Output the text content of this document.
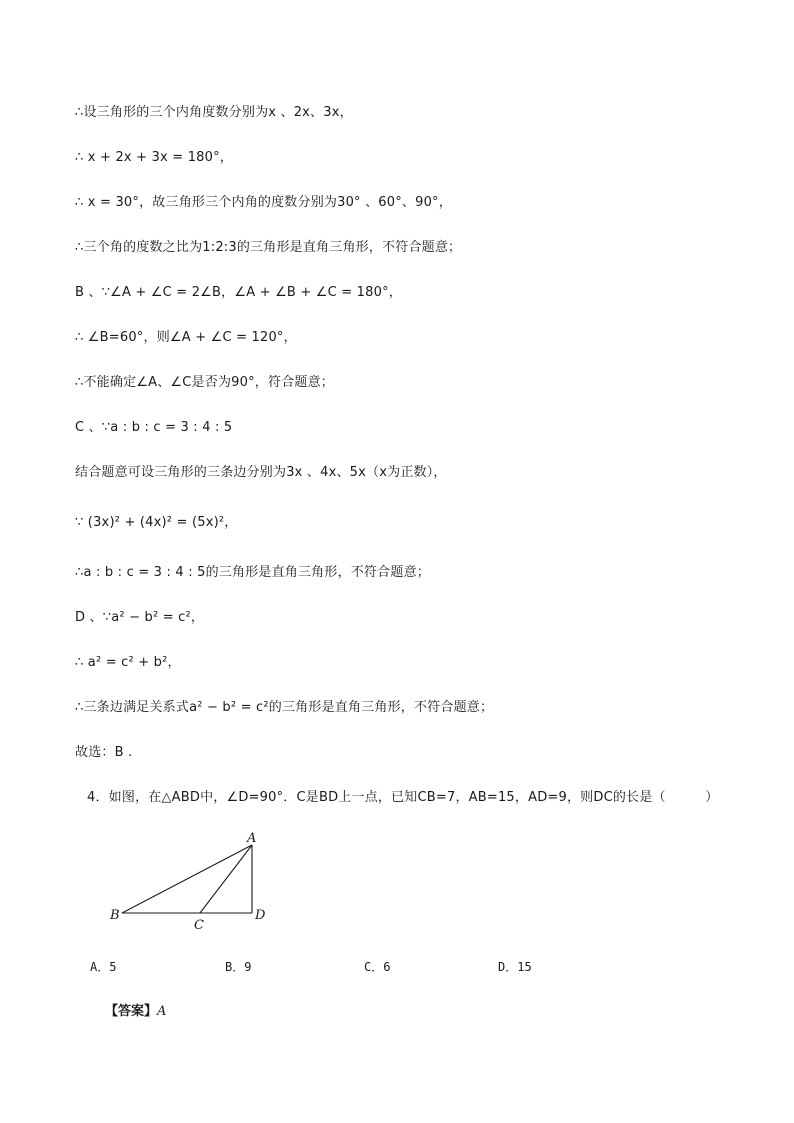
∴设三角形的三个内角度数分别为x 、2x、3x，
∴ x + 2x + 3x = 180°，
∴ x = 30°，故三角形三个内角的度数分别为30° 、60°、90°，
∴三个角的度数之比为1:2:3的三角形是直角三角形，不符合题意；
B 、∵∠A + ∠C = 2∠B，∠A + ∠B + ∠C = 180°，
∴ ∠B=60°，则∠A + ∠C = 120°，
∴不能确定∠A、∠C是否为90°，符合题意；
C 、∵a : b : c = 3 : 4 : 5
结合题意可设三角形的三条边分别为3x 、4x、5x（x为正数），
∵ (3x)² + (4x)² = (5x)²，
∴a : b : c = 3 : 4 : 5的三角形是直角三角形，不符合题意；
D 、∵a² − b² = c²，
∴ a² = c² + b²，
∴三条边满足关系式a² − b² = c²的三角形是直角三角形，不符合题意；
故选：B .
4．如图，在△ABD中，∠D=90°．C是BD上一点，已知CB=7，AB=15，AD=9，则DC的长是（　　　）
A
B
C
D
A．5	B．9	C．6	D．15
【答案】A
